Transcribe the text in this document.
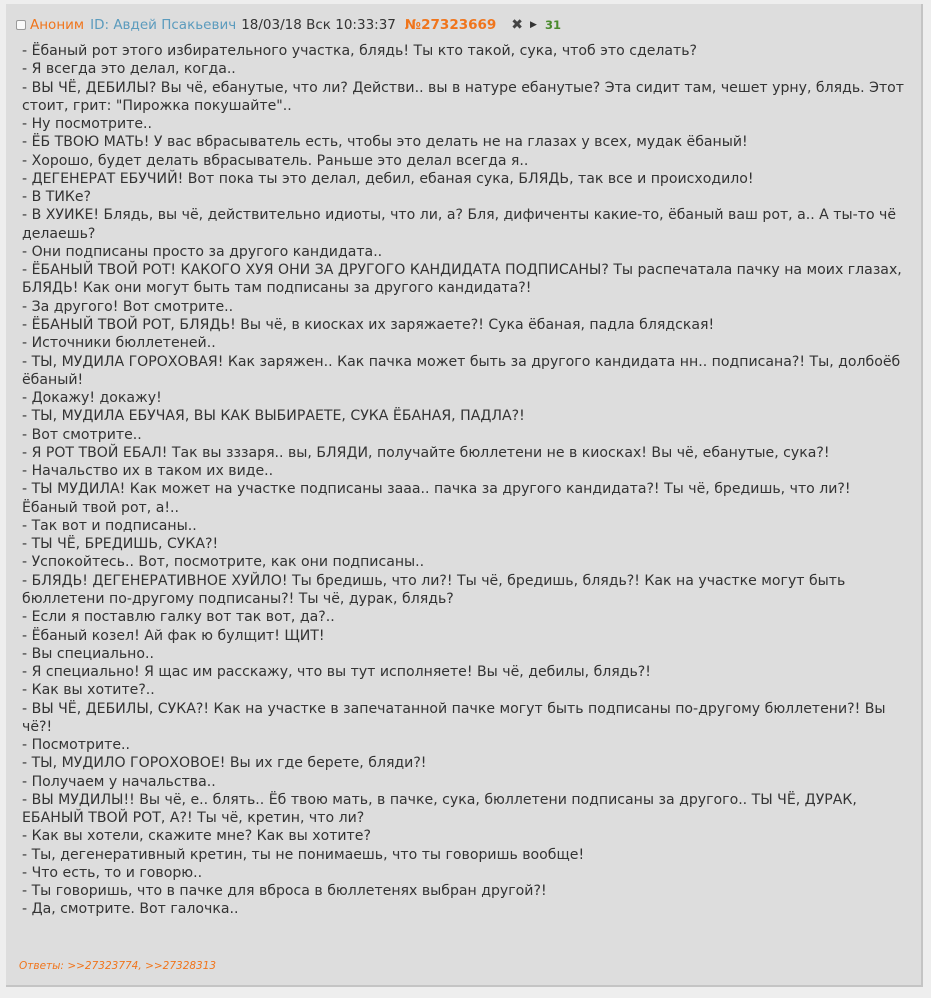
Аноним ID: Авдей Псакьевич 18/03/18 Вск 10:33:37 №27323669 ✖ ▶ 31
- Ёбаный рот этого избирательного участка, блядь! Ты кто такой, сука, чтоб это сделать?
- Я всегда это делал, когда..
- ВЫ ЧЁ, ДЕБИЛЫ? Вы чё, ебанутые, что ли? Действи.. вы в натуре ебанутые? Эта сидит там, чешет урну, блядь. Этот стоит, грит: "Пирожка покушайте"..
- Ну посмотрите..
- ЁБ ТВОЮ МАТЬ! У вас вбрасыватель есть, чтобы это делать не на глазах у всех, мудак ёбаный!
- Хорошо, будет делать вбрасыватель. Раньше это делал всегда я..
- ДЕГЕНЕРАТ ЕБУЧИЙ! Вот пока ты это делал, дебил, ебаная сука, БЛЯДЬ, так все и происходило!
- В ТИКе?
- В ХУИКЕ! Блядь, вы чё, действительно идиоты, что ли, а? Бля, дифиченты какие-то, ёбаный ваш рот, а.. А ты-то чё делаешь?
- Они подписаны просто за другого кандидата..
- ЁБАНЫЙ ТВОЙ РОТ! КАКОГО ХУЯ ОНИ ЗА ДРУГОГО КАНДИДАТА ПОДПИСАНЫ? Ты распечатала пачку на моих глазах, БЛЯДЬ! Как они могут быть там подписаны за другого кандидата?!
- За другого! Вот смотрите..
- ЁБАНЫЙ ТВОЙ РОТ, БЛЯДЬ! Вы чё, в киосках их заряжаете?! Сука ёбаная, падла блядская!
- Источники бюллетеней..
- ТЫ, МУДИЛА ГОРОХОВАЯ! Как заряжен.. Как пачка может быть за другого кандидата нн.. подписана?! Ты, долбоёб ёбаный!
- Докажу! докажу!
- ТЫ, МУДИЛА ЕБУЧАЯ, ВЫ КАК ВЫБИРАЕТЕ, СУКА ЁБАНАЯ, ПАДЛА?!
- Вот смотрите..
- Я РОТ ТВОЙ ЕБАЛ! Так вы зззаря.. вы, БЛЯДИ, получайте бюллетени не в киосках! Вы чё, ебанутые, сука?!
- Начальство их в таком их виде..
- ТЫ МУДИЛА! Как может на участке подписаны зааа.. пачка за другого кандидата?! Ты чё, бредишь, что ли?! Ёбаный твой рот, а!..
- Так вот и подписаны..
- ТЫ ЧЁ, БРЕДИШЬ, СУКА?!
- Успокойтесь.. Вот, посмотрите, как они подписаны..
- БЛЯДЬ! ДЕГЕНЕРАТИВНОЕ ХУЙЛО! Ты бредишь, что ли?! Ты чё, бредишь, блядь?! Как на участке могут быть бюллетени по-другому подписаны?! Ты чё, дурак, блядь?
- Если я поставлю галку вот так вот, да?..
- Ёбаный козел! Ай фак ю булщит! ЩИТ!
- Вы специально..
- Я специально! Я щас им расскажу, что вы тут исполняете! Вы чё, дебилы, блядь?!
- Как вы хотите?..
- ВЫ ЧЁ, ДЕБИЛЫ, СУКА?! Как на участке в запечатанной пачке могут быть подписаны по-другому бюллетени?! Вы чё?!
- Посмотрите..
- ТЫ, МУДИЛО ГОРОХОВОЕ! Вы их где берете, бляди?!
- Получаем у начальства..
- ВЫ МУДИЛЫ!! Вы чё, е.. блять.. Ёб твою мать, в пачке, сука, бюллетени подписаны за другого.. ТЫ ЧЁ, ДУРАК, ЕБАНЫЙ ТВОЙ РОТ, А?! Ты чё, кретин, что ли?
- Как вы хотели, скажите мне? Как вы хотите?
- Ты, дегенеративный кретин, ты не понимаешь, что ты говоришь вообще!
- Что есть, то и говорю..
- Ты говоришь, что в пачке для вброса в бюллетенях выбран другой?!
- Да, смотрите. Вот галочка..
Ответы: >>27323774, >>27328313
